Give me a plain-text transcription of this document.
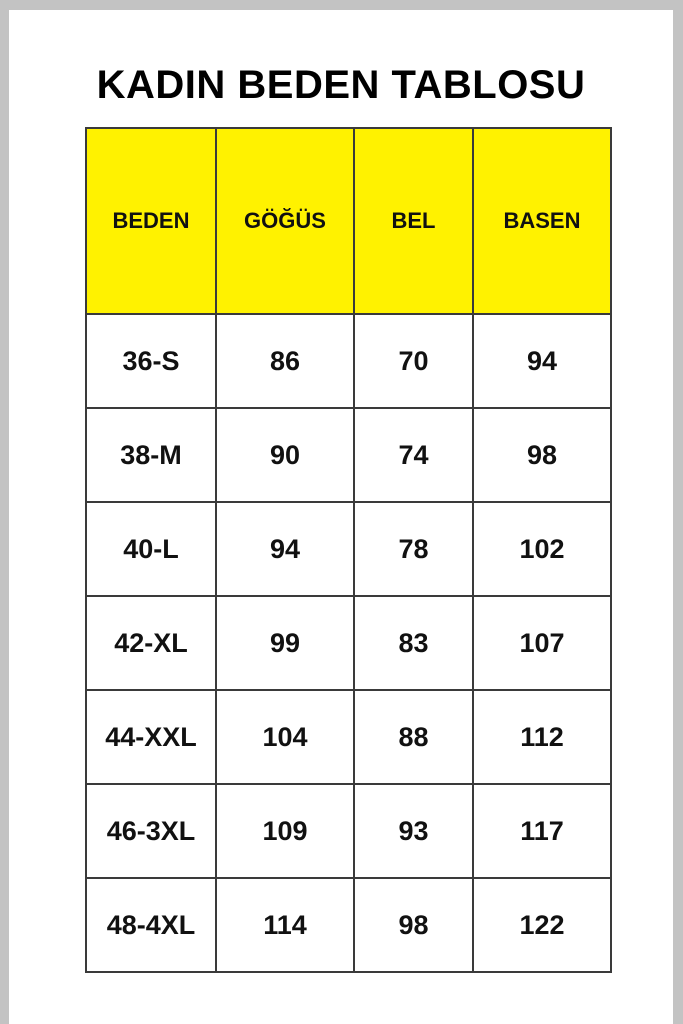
KADIN BEDEN TABLOSU
BEDEN	GÖĞÜS	BEL	BASEN
36-S	86	70	94
38-M	90	74	98
40-L	94	78	102
42-XL	99	83	107
44-XXL	104	88	112
46-3XL	109	93	117
48-4XL	114	98	122
